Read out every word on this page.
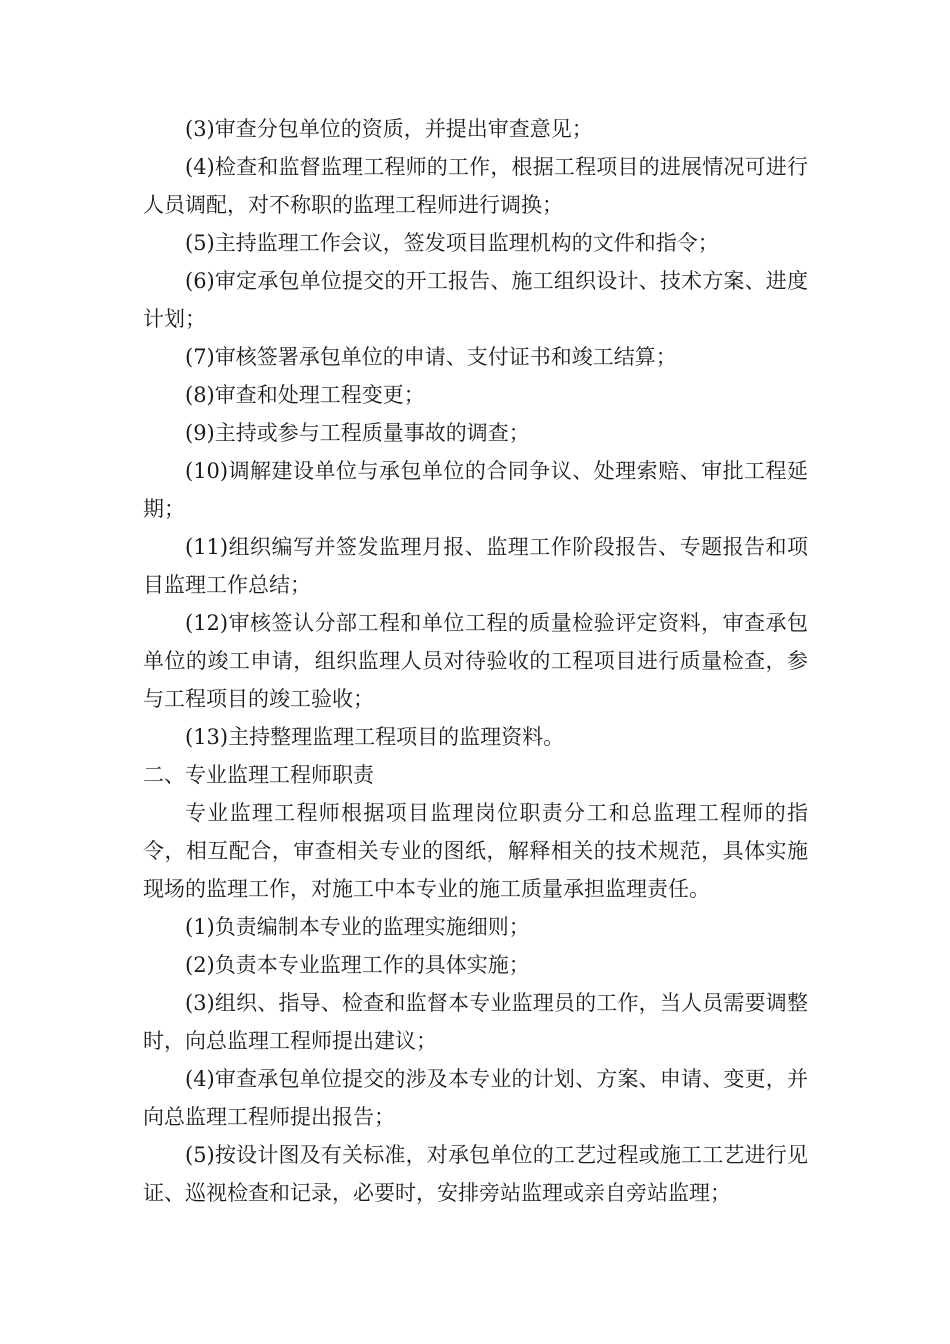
(3)审查分包单位的资质，并提出审查意见；

(4)检查和监督监理工程师的工作，根据工程项目的进展情况可进行人员调配，对不称职的监理工程师进行调换；

(5)主持监理工作会议，签发项目监理机构的文件和指令；

(6)审定承包单位提交的开工报告、施工组织设计、技术方案、进度计划；

(7)审核签署承包单位的申请、支付证书和竣工结算；

(8)审查和处理工程变更；

(9)主持或参与工程质量事故的调查；

(10)调解建设单位与承包单位的合同争议、处理索赔、审批工程延期；

(11)组织编写并签发监理月报、监理工作阶段报告、专题报告和项目监理工作总结；

(12)审核签认分部工程和单位工程的质量检验评定资料，审查承包单位的竣工申请，组织监理人员对待验收的工程项目进行质量检查，参与工程项目的竣工验收；

(13)主持整理监理工程项目的监理资料。

二、专业监理工程师职责

专业监理工程师根据项目监理岗位职责分工和总监理工程师的指令，相互配合，审查相关专业的图纸，解释相关的技术规范，具体实施现场的监理工作，对施工中本专业的施工质量承担监理责任。

(1)负责编制本专业的监理实施细则；

(2)负责本专业监理工作的具体实施；

(3)组织、指导、检查和监督本专业监理员的工作，当人员需要调整时，向总监理工程师提出建议；

(4)审查承包单位提交的涉及本专业的计划、方案、申请、变更，并向总监理工程师提出报告；

(5)按设计图及有关标准，对承包单位的工艺过程或施工工艺进行见证、巡视检查和记录，必要时，安排旁站监理或亲自旁站监理；
